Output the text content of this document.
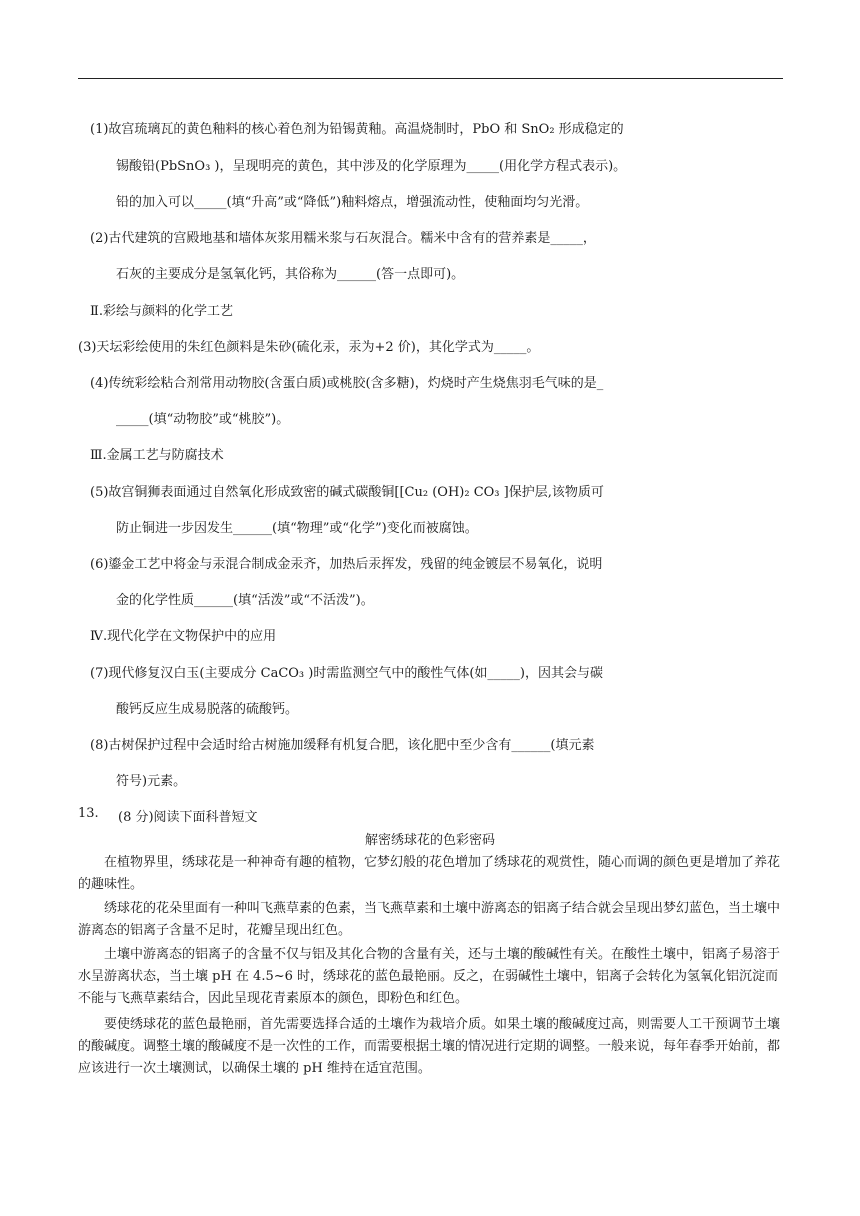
(1)故宫琉璃瓦的黄色釉料的核心着色剂为铅锡黄釉。高温烧制时，PbO 和 SnO₂ 形成稳定的
锡酸铅(PbSnO₃ )，呈现明亮的黄色，其中涉及的化学原理为_____(用化学方程式表示)。
铅的加入可以_____(填“升高”或“降低”)釉料熔点，增强流动性，使釉面均匀光滑。
(2)古代建筑的宫殿地基和墙体灰浆用糯米浆与石灰混合。糯米中含有的营养素是_____，
石灰的主要成分是氢氧化钙，其俗称为______(答一点即可)。
Ⅱ.彩绘与颜料的化学工艺
(3)天坛彩绘使用的朱红色颜料是朱砂(硫化汞，汞为+2 价)，其化学式为_____。
(4)传统彩绘粘合剂常用动物胶(含蛋白质)或桃胶(含多糖)，灼烧时产生烧焦羽毛气味的是_
_____(填“动物胶”或“桃胶”)。
Ⅲ.金属工艺与防腐技术
(5)故宫铜狮表面通过自然氧化形成致密的碱式碳酸铜[[Cu₂ (OH)₂ CO₃ ]保护层,该物质可
防止铜进一步因发生______(填“物理”或“化学”)变化而被腐蚀。
(6)鎏金工艺中将金与汞混合制成金汞齐，加热后汞挥发，残留的纯金镀层不易氧化，说明
金的化学性质______(填“活泼”或“不活泼”)。
Ⅳ.现代化学在文物保护中的应用
(7)现代修复汉白玉(主要成分 CaCO₃ )时需监测空气中的酸性气体(如_____)，因其会与碳
酸钙反应生成易脱落的硫酸钙。
(8)古树保护过程中会适时给古树施加缓释有机复合肥，该化肥中至少含有______(填元素
符号)元素。
13. (8 分)阅读下面科普短文
解密绣球花的色彩密码
在植物界里，绣球花是一种神奇有趣的植物，它梦幻般的花色增加了绣球花的观赏性，随心而调的颜色更是增加了养花的趣味性。
绣球花的花朵里面有一种叫飞燕草素的色素，当飞燕草素和土壤中游离态的铝离子结合就会呈现出梦幻蓝色，当土壤中游离态的铝离子含量不足时，花瓣呈现出红色。
土壤中游离态的铝离子的含量不仅与铝及其化合物的含量有关，还与土壤的酸碱性有关。在酸性土壤中，铝离子易溶于水呈游离状态，当土壤 pH 在 4.5~6 时，绣球花的蓝色最艳丽。反之，在弱碱性土壤中，铝离子会转化为氢氧化铝沉淀而不能与飞燕草素结合，因此呈现花青素原本的颜色，即粉色和红色。
要使绣球花的蓝色最艳丽，首先需要选择合适的土壤作为栽培介质。如果土壤的酸碱度过高，则需要人工干预调节土壤的酸碱度。调整土壤的酸碱度不是一次性的工作，而需要根据土壤的情况进行定期的调整。一般来说，每年春季开始前，都应该进行一次土壤测试，以确保土壤的 pH 维持在适宜范围。
